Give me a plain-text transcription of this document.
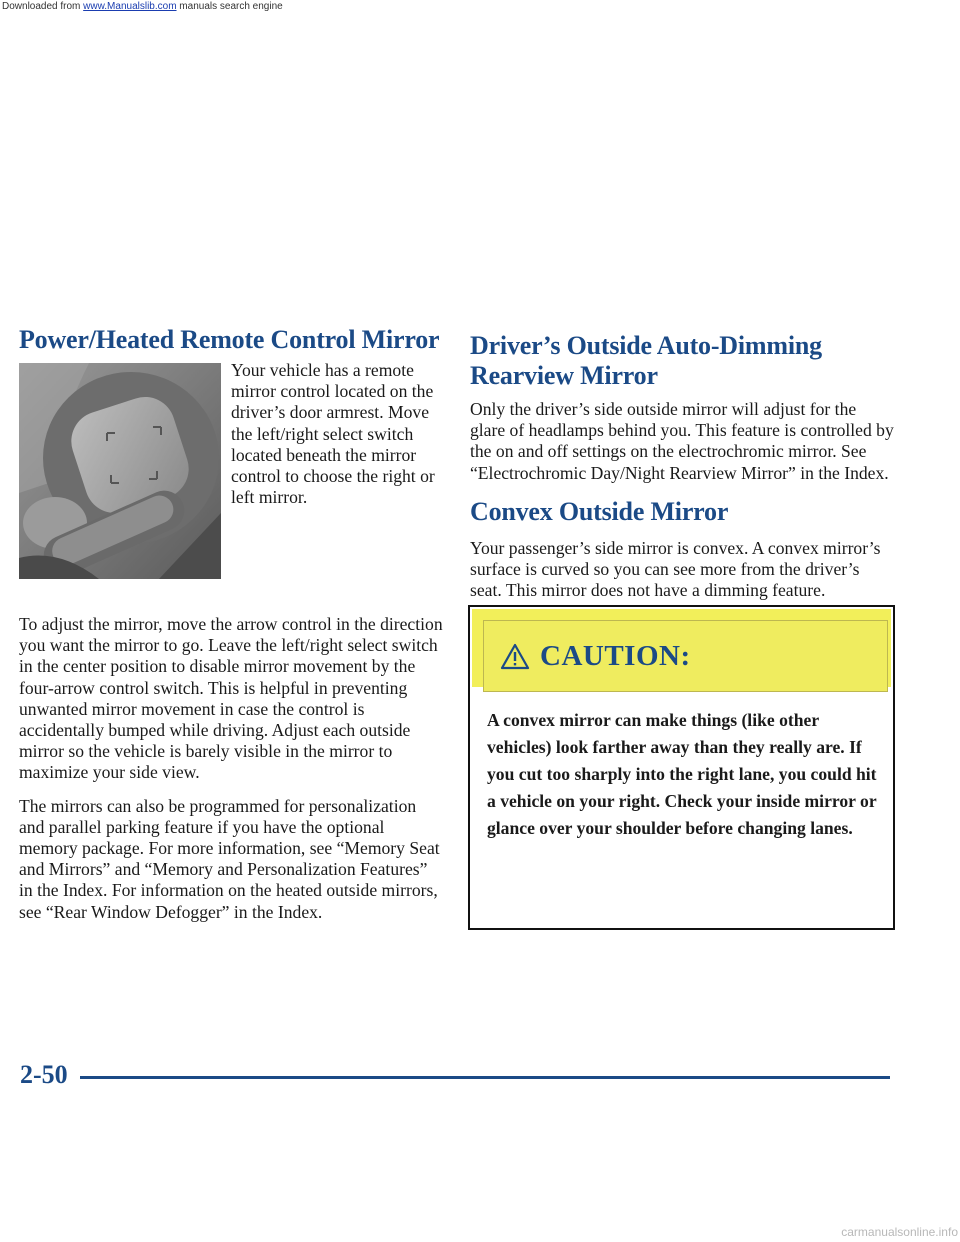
Downloaded from www.Manualslib.com manuals search engine
Power/Heated Remote Control Mirror

Your vehicle has a remote mirror control located on the driver’s door armrest. Move the left/right select switch located beneath the mirror control to choose the right or left mirror.

To adjust the mirror, move the arrow control in the direction you want the mirror to go. Leave the left/right select switch in the center position to disable mirror movement by the four-arrow control switch. This is helpful in preventing unwanted mirror movement in case the control is accidentally bumped while driving. Adjust each outside mirror so the vehicle is barely visible in the mirror to maximize your side view.

The mirrors can also be programmed for personalization and parallel parking feature if you have the optional memory package. For more information, see “Memory Seat and Mirrors” and “Memory and Personalization Features” in the Index. For information on the heated outside mirrors, see “Rear Window Defogger” in the Index.

Driver’s Outside Auto-Dimming Rearview Mirror

Only the driver’s side outside mirror will adjust for the glare of headlamps behind you. This feature is controlled by the on and off settings on the electrochromic mirror. See “Electrochromic Day/Night Rearview Mirror” in the Index.

Convex Outside Mirror

Your passenger’s side mirror is convex. A convex mirror’s surface is curved so you can see more from the driver’s seat. This mirror does not have a dimming feature.

CAUTION:
A convex mirror can make things (like other vehicles) look farther away than they really are. If you cut too sharply into the right lane, you could hit a vehicle on your right. Check your inside mirror or glance over your shoulder before changing lanes.
2-50
carmanualsonline.info
